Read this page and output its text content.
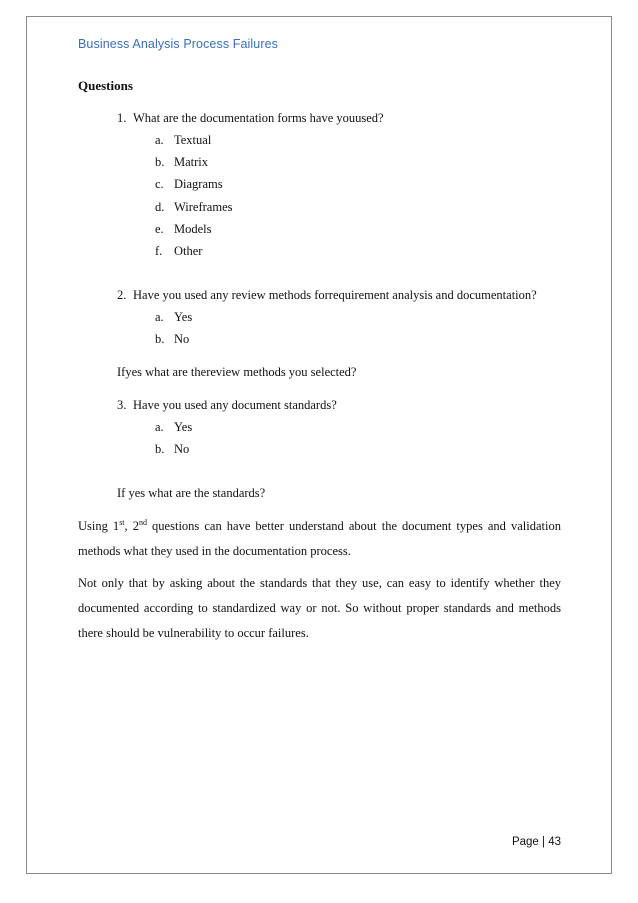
Business Analysis Process Failures
Questions
1. What are the documentation forms have youused?
a. Textual
b. Matrix
c. Diagrams
d. Wireframes
e. Models
f. Other
2. Have you used any review methods forrequirement analysis and documentation?
a. Yes
b. No
Ifyes what are thereview methods you selected?
3. Have you used any document standards?
a. Yes
b. No
If yes what are the standards?
Using 1st, 2nd questions can have better understand about the document types and validation methods what they used in the documentation process.
Not only that by asking about the standards that they use, can easy to identify whether they documented according to standardized way or not. So without proper standards and methods there should be vulnerability to occur failures.
Page | 43
